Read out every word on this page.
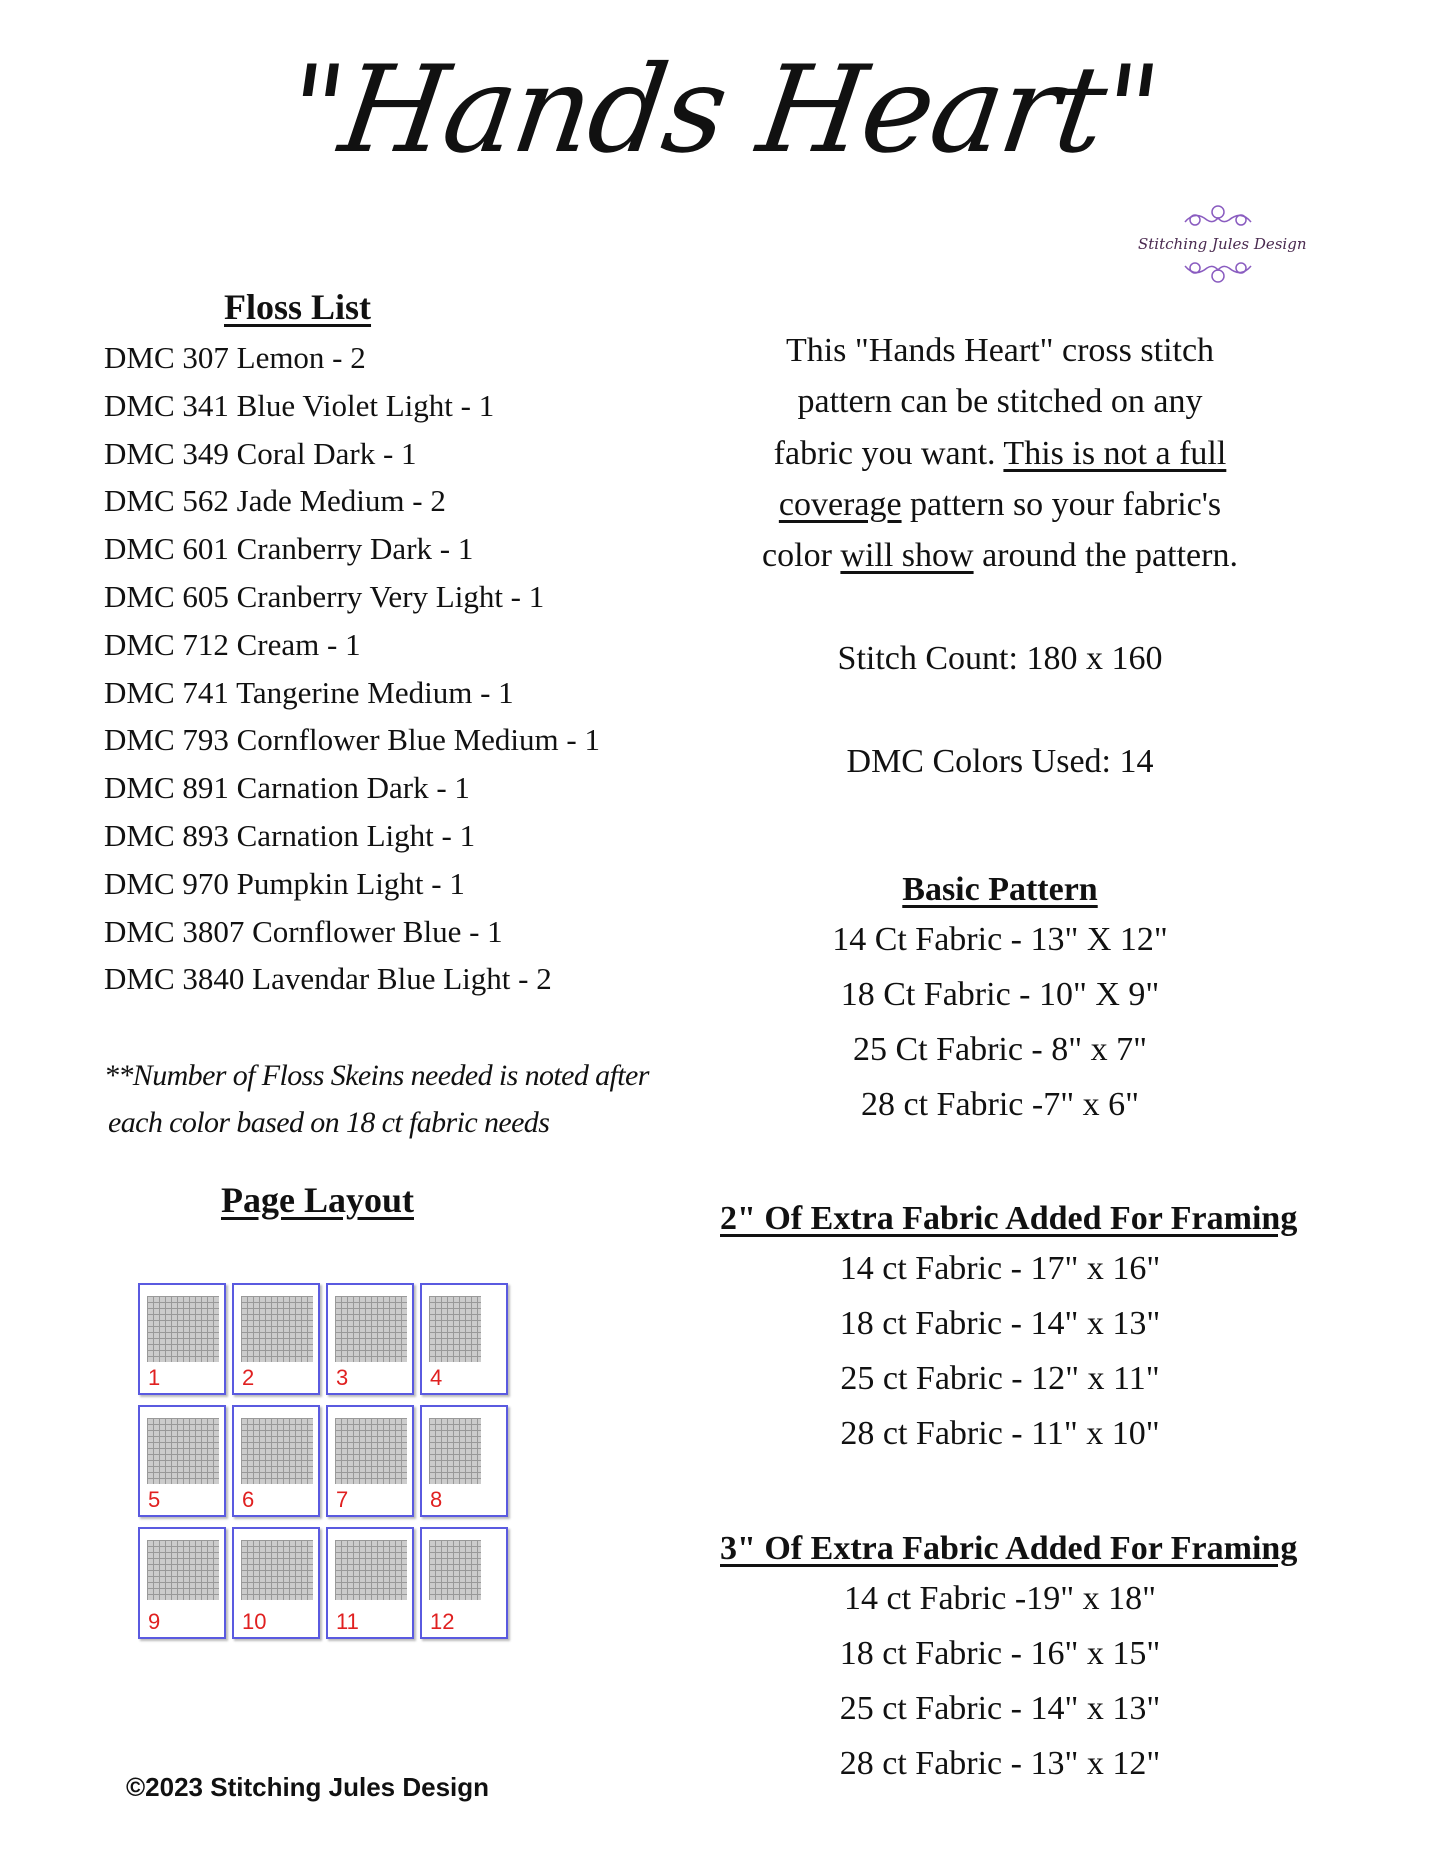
"Hands Heart"
Stitching Jules Design
Floss List
DMC 307 Lemon - 2
DMC 341 Blue Violet Light - 1
DMC 349 Coral Dark - 1
DMC 562 Jade Medium - 2
DMC 601 Cranberry Dark - 1
DMC 605 Cranberry Very Light - 1
DMC 712 Cream - 1
DMC 741 Tangerine Medium - 1
DMC 793 Cornflower Blue Medium - 1
DMC 891 Carnation Dark - 1
DMC 893 Carnation Light - 1
DMC 970 Pumpkin Light - 1
DMC 3807 Cornflower Blue - 1
DMC 3840 Lavendar Blue Light - 2
**Number of Floss Skeins needed is noted after
each color based on 18 ct fabric needs
Page Layout
1	2	3	4
5	6	7	8
9	10	11	12
This "Hands Heart" cross stitch
pattern can be stitched on any
fabric you want. This is not a full
coverage pattern so your fabric's
color will show around the pattern.
Stitch Count: 180 x 160
DMC Colors Used: 14
Basic Pattern
14 Ct Fabric - 13" X 12"
18 Ct Fabric - 10" X 9"
25 Ct Fabric - 8" x 7"
28 ct Fabric -7" x 6"
2" Of Extra Fabric Added For Framing
14 ct Fabric - 17" x 16"
18 ct Fabric - 14" x 13"
25 ct Fabric - 12" x 11"
28 ct Fabric - 11" x 10"
3" Of Extra Fabric Added For Framing
14 ct Fabric -19" x 18"
18 ct Fabric - 16" x 15"
25 ct Fabric - 14" x 13"
28 ct Fabric - 13" x 12"
©2023 Stitching Jules Design
